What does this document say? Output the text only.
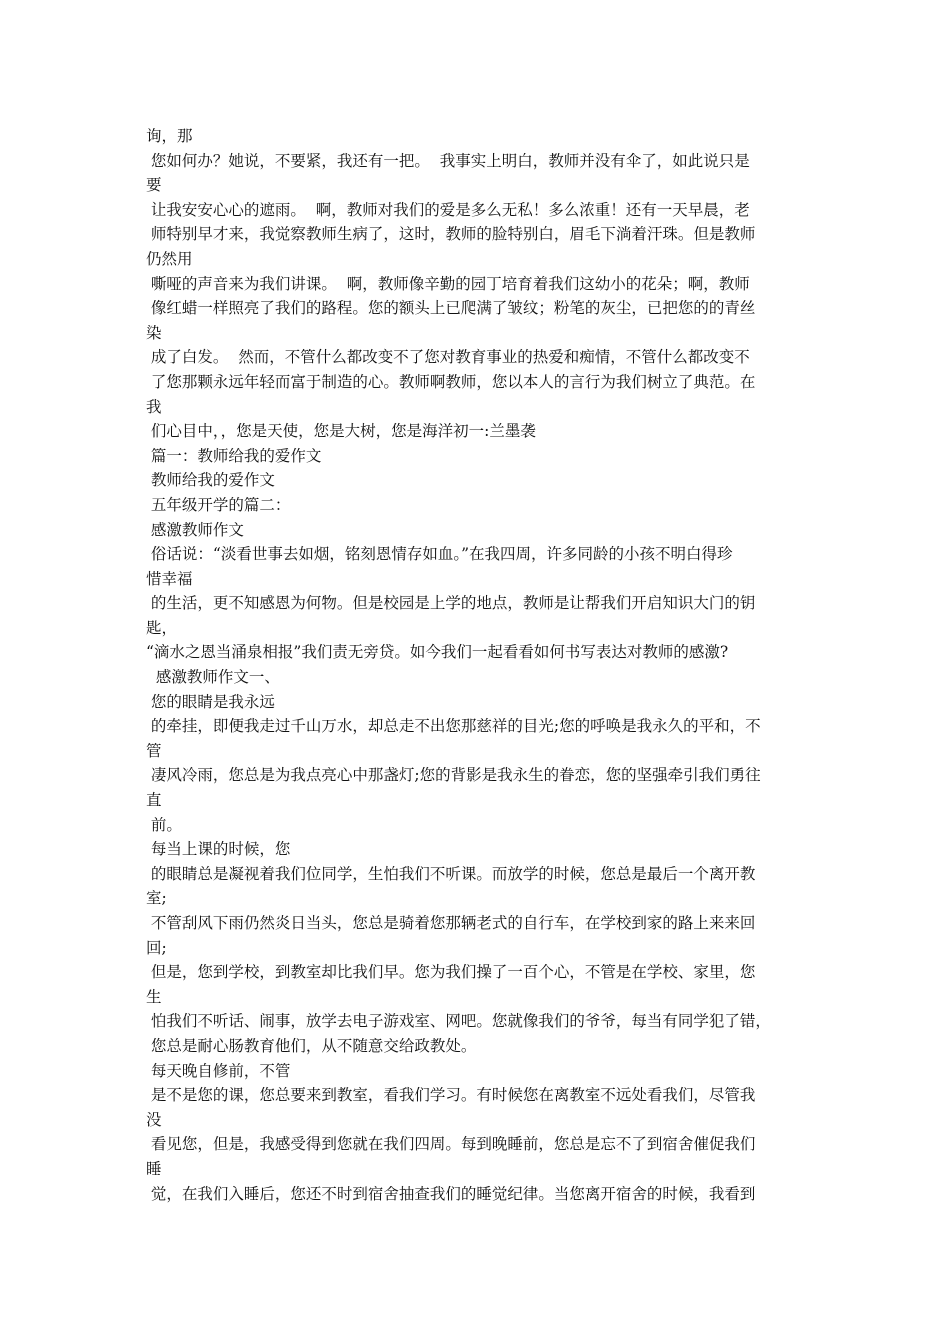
询，那
您如何办？她说，不要紧，我还有一把。  我事实上明白，教师并没有伞了，如此说只是
要
让我安安心心的遮雨。  啊，教师对我们的爱是多么无私！多么浓重！还有一天早晨，老
师特别早才来，我觉察教师生病了，这时，教师的脸特别白，眉毛下淌着汗珠。但是教师
仍然用
嘶哑的声音来为我们讲课。  啊，教师像辛勤的园丁培育着我们这幼小的花朵；啊，教师
像红蜡一样照亮了我们的路程。您的额头上已爬满了皱纹；粉笔的灰尘，已把您的的青丝
染
成了白发。  然而，不管什么都改变不了您对教育事业的热爱和痴情，不管什么都改变不
了您那颗永远年轻而富于制造的心。教师啊教师，您以本人的言行为我们树立了典范。在
我
们心目中，，您是天使，您是大树，您是海洋初一:兰墨袭
篇一：教师给我的爱作文
教师给我的爱作文
五年级开学的篇二：
感激教师作文
俗话说：“淡看世事去如烟，铭刻恩情存如血。”在我四周，许多同龄的小孩不明白得珍
惜幸福
的生活，更不知感恩为何物。但是校园是上学的地点，教师是让帮我们开启知识大门的钥
匙，
“滴水之恩当涌泉相报”我们责无旁贷。如今我们一起看看如何书写表达对教师的感激?
感激教师作文一、
您的眼睛是我永远
的牵挂，即便我走过千山万水，却总走不出您那慈祥的目光;您的呼唤是我永久的平和，不
管
凄风冷雨，您总是为我点亮心中那盏灯;您的背影是我永生的眷恋，您的坚强牵引我们勇往
直
前。
每当上课的时候，您
的眼睛总是凝视着我们位同学，生怕我们不听课。而放学的时候，您总是最后一个离开教
室;
不管刮风下雨仍然炎日当头，您总是骑着您那辆老式的自行车，在学校到家的路上来来回
回;
但是，您到学校，到教室却比我们早。您为我们操了一百个心，不管是在学校、家里，您
生
怕我们不听话、闹事，放学去电子游戏室、网吧。您就像我们的爷爷，每当有同学犯了错，
您总是耐心肠教育他们，从不随意交给政教处。
每天晚自修前，不管
是不是您的课，您总要来到教室，看我们学习。有时候您在离教室不远处看我们，尽管我
没
看见您，但是，我感受得到您就在我们四周。每到晚睡前，您总是忘不了到宿舍催促我们
睡
觉，在我们入睡后，您还不时到宿舍抽查我们的睡觉纪律。当您离开宿舍的时候，我看到
